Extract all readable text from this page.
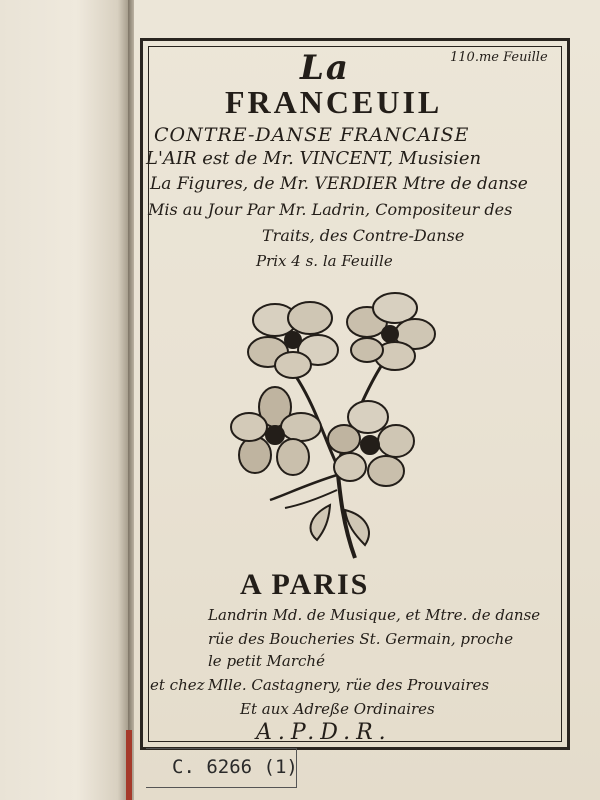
110.me Feuille
La
FRANCEUIL
CONTRE-DANSE FRANCAISE
L'AIR est de Mr. VINCENT, Musisien
La Figures, de Mr. VERDIER Mtre de danse
Mis au Jour Par Mr. Ladrin, Compositeur des
Traits, des Contre-Danse
Prix 4 s. la Feuille
A PARIS
Landrin Md. de Musique, et Mtre. de danse
rüe des Boucheries St. Germain, proche
le petit Marché
et chez Mlle. Castagnery, rüe des Prouvaires
Et aux Adreße Ordinaires
A.P.D.R.
C. 6266 (1)
